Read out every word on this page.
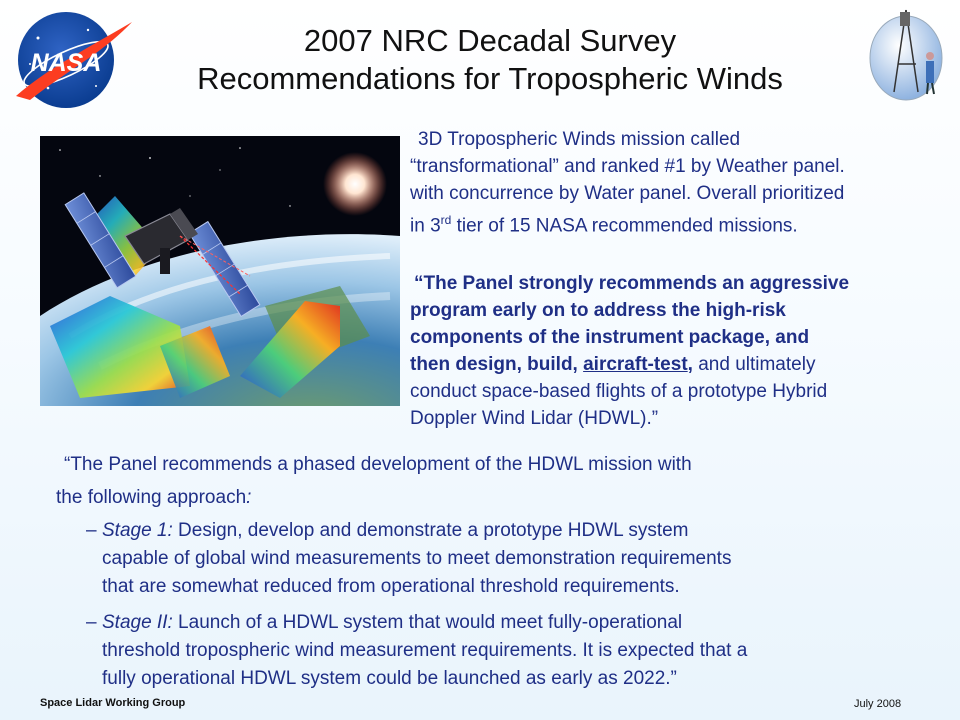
NASA
2007 NRC Decadal Survey
Recommendations for Tropospheric Winds
3D Tropospheric Winds mission called
“transformational” and ranked #1 by Weather panel.
with concurrence by Water panel. Overall prioritized
in 3rd tier of 15 NASA recommended missions.
“The Panel strongly recommends an aggressive
program early on to address the high-risk
components of the instrument package, and
then design, build, aircraft-test, and ultimately
conduct space-based flights of a prototype Hybrid
Doppler Wind Lidar (HDWL).”
“The Panel recommends a phased development of the HDWL mission with
the following approach:
– Stage 1: Design, develop and demonstrate a prototype HDWL system
capable of global wind measurements to meet demonstration requirements
that are somewhat reduced from operational threshold requirements.
– Stage II: Launch of a HDWL system that would meet fully-operational
threshold tropospheric wind measurement requirements. It is expected that a
fully operational HDWL system could be launched as early as 2022.”
Space Lidar Working Group	July 2008
